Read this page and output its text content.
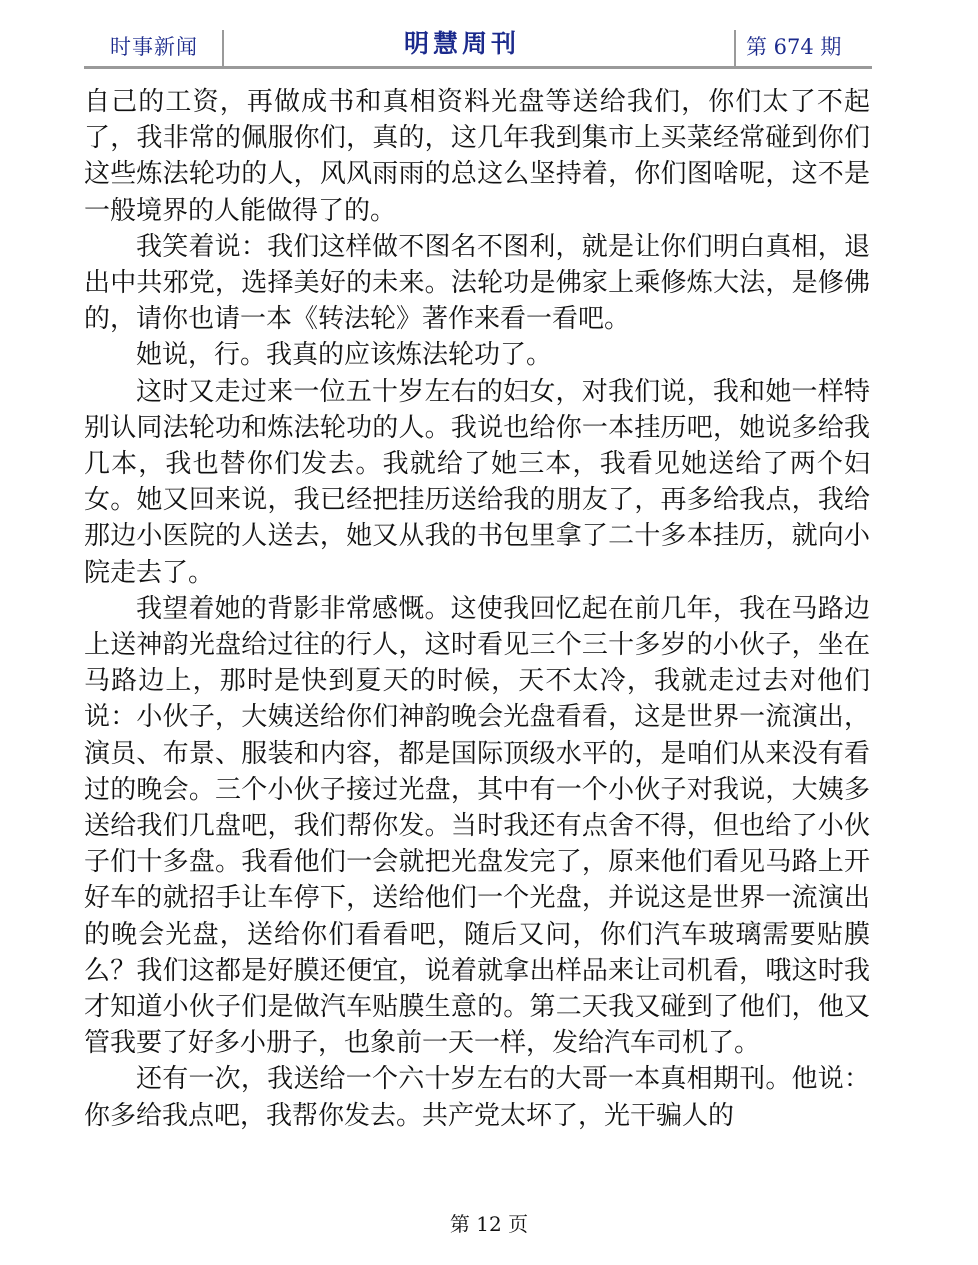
时事新闻	明慧周刊	第 674 期

自己的工资，再做成书和真相资料光盘等送给我们，你们太了不起了，我非常的佩服你们，真的，这几年我到集市上买菜经常碰到你们这些炼法轮功的人，风风雨雨的总这么坚持着，你们图啥呢，这不是一般境界的人能做得了的。

我笑着说：我们这样做不图名不图利，就是让你们明白真相，退出中共邪党，选择美好的未来。法轮功是佛家上乘修炼大法，是修佛的，请你也请一本《转法轮》著作来看一看吧。

她说，行。我真的应该炼法轮功了。

这时又走过来一位五十岁左右的妇女，对我们说，我和她一样特别认同法轮功和炼法轮功的人。我说也给你一本挂历吧，她说多给我几本，我也替你们发去。我就给了她三本，我看见她送给了两个妇女。她又回来说，我已经把挂历送给我的朋友了，再多给我点，我给那边小医院的人送去，她又从我的书包里拿了二十多本挂历，就向小院走去了。

我望着她的背影非常感慨。这使我回忆起在前几年，我在马路边上送神韵光盘给过往的行人，这时看见三个三十多岁的小伙子，坐在马路边上，那时是快到夏天的时候，天不太冷，我就走过去对他们说：小伙子，大姨送给你们神韵晚会光盘看看，这是世界一流演出，演员、布景、服装和内容，都是国际顶级水平的，是咱们从来没有看过的晚会。三个小伙子接过光盘，其中有一个小伙子对我说，大姨多送给我们几盘吧，我们帮你发。当时我还有点舍不得，但也给了小伙子们十多盘。我看他们一会就把光盘发完了，原来他们看见马路上开好车的就招手让车停下，送给他们一个光盘，并说这是世界一流演出的晚会光盘，送给你们看看吧，随后又问，你们汽车玻璃需要贴膜么？我们这都是好膜还便宜，说着就拿出样品来让司机看，哦这时我才知道小伙子们是做汽车贴膜生意的。第二天我又碰到了他们，他又管我要了好多小册子，也象前一天一样，发给汽车司机了。

还有一次，我送给一个六十岁左右的大哥一本真相期刊。他说：你多给我点吧，我帮你发去。共产党太坏了，光干骗人的

第 12 页
